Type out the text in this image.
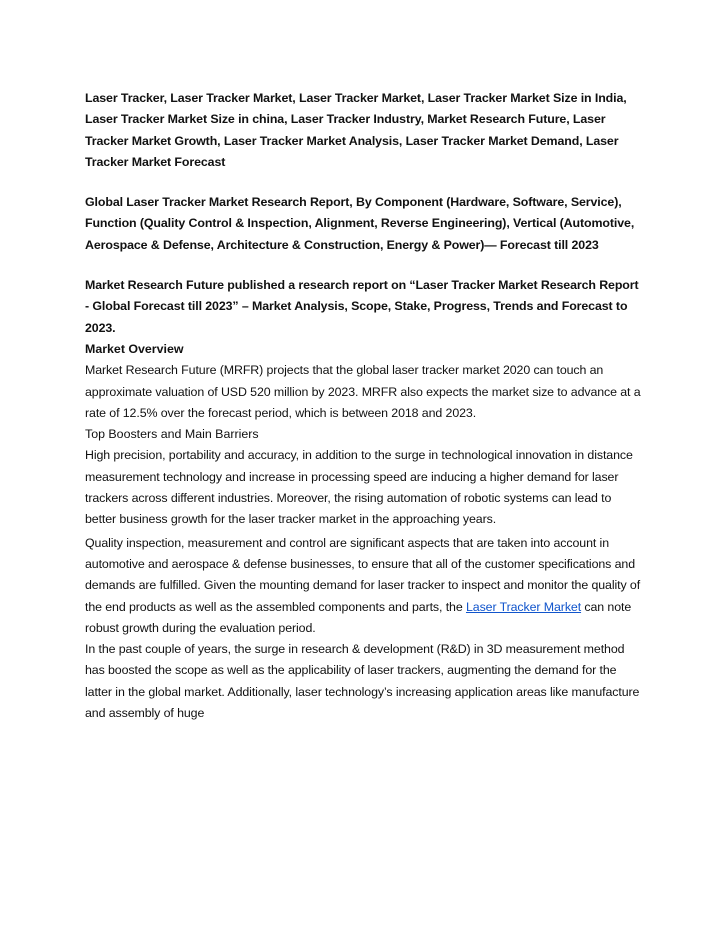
Laser Tracker, Laser Tracker Market, Laser Tracker Market, Laser Tracker Market Size in India, Laser Tracker Market Size in china, Laser Tracker Industry, Market Research Future, Laser Tracker Market Growth, Laser Tracker Market Analysis, Laser Tracker Market Demand, Laser Tracker Market Forecast

Global Laser Tracker Market Research Report, By Component (Hardware, Software, Service), Function (Quality Control & Inspection, Alignment, Reverse Engineering), Vertical (Automotive, Aerospace & Defense, Architecture & Construction, Energy & Power)— Forecast till 2023

Market Research Future published a research report on “Laser Tracker Market Research Report - Global Forecast till 2023” – Market Analysis, Scope, Stake, Progress, Trends and Forecast to 2023.

Market Overview

Market Research Future (MRFR) projects that the global laser tracker market 2020 can touch an approximate valuation of USD 520 million by 2023. MRFR also expects the market size to advance at a rate of 12.5% over the forecast period, which is between 2018 and 2023.

Top Boosters and Main Barriers

High precision, portability and accuracy, in addition to the surge in technological innovation in distance measurement technology and increase in processing speed are inducing a higher demand for laser trackers across different industries. Moreover, the rising automation of robotic systems can lead to better business growth for the laser tracker market in the approaching years.

Quality inspection, measurement and control are significant aspects that are taken into account in automotive and aerospace & defense businesses, to ensure that all of the customer specifications and demands are fulfilled. Given the mounting demand for laser tracker to inspect and monitor the quality of the end products as well as the assembled components and parts, the Laser Tracker Market can note robust growth during the evaluation period.

In the past couple of years, the surge in research & development (R&D) in 3D measurement method has boosted the scope as well as the applicability of laser trackers, augmenting the demand for the latter in the global market. Additionally, laser technology’s increasing application areas like manufacture and assembly of huge
